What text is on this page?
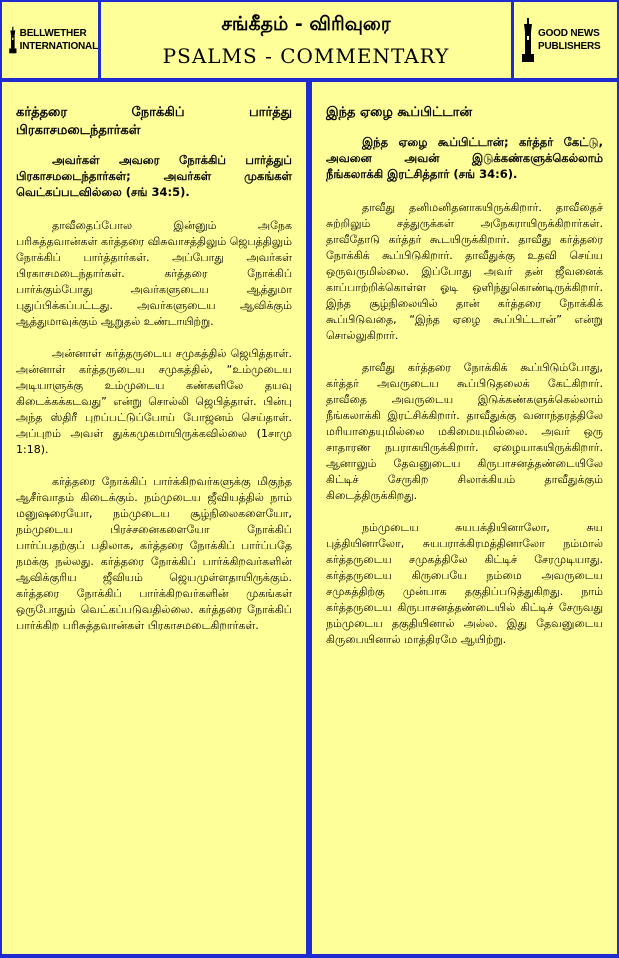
BELLWETHER
INTERNATIONAL
சங்கீதம் - விரிவுரை
PSALMS - COMMENTARY
GOOD NEWS
PUBLISHERS
கர்த்தரை நோக்கிப் பார்த்து பிரகாசமடைந்தார்கள்
அவர்கள் அவரை நோக்கிப் பார்த்துப் பிரகாசமடைந்தார்கள்; அவர்கள் முகங்கள் வெட்கப்படவில்லை (சங் 34:5).
தாவீதைப்போல இன்னும் அநேக பரிசுத்தவான்கள் கர்த்தரை விசுவாசத்திலும் ஜெபத்திலும் நோக்கிப் பார்த்தார்கள். அப்போது அவர்கள் பிரகாசமடைந்தார்கள். கர்த்தரை நோக்கிப் பார்க்கும்போது அவர்களுடைய ஆத்துமா புதுப்பிக்கப்பட்டது. அவர்களுடைய ஆவிக்கும் ஆத்துமாவுக்கும் ஆறுதல் உண்டாயிற்று.
அன்னாள் கர்த்தருடைய சமுகத்தில் ஜெபித்தாள். அன்னாள் கர்த்தருடைய சமுகத்தில், “உம்முடைய அடியாளுக்கு உம்முடைய கண்களிலே தயவு கிடைக்கக்கடவது” என்று சொல்லி ஜெபித்தாள். பின்பு அந்த ஸ்திரீ புறப்பட்டுப்போய் போஜனம் செய்தாள். அப்புறம் அவள் துக்கமுகமாயிருக்கவில்லை (1சாமு 1:18).
கர்த்தரை நோக்கிப் பார்க்கிறவர்களுக்கு மிகுந்த ஆசீர்வாதம் கிடைக்கும். நம்முடைய ஜீவியத்தில் நாம் மனுஷரையோ, நம்முடைய சூழ்நிலைகளையோ, நம்முடைய பிரச்சனைகளையோ நோக்கிப் பார்ப்பதற்குப் பதிலாக, கர்த்தரை நோக்கிப் பார்ப்பதே நமக்கு நல்லது. கர்த்தரை நோக்கிப் பார்க்கிறவர்களின் ஆவிக்குரிய ஜீவியம் ஜெயமுள்ளதாயிருக்கும். கர்த்தரை நோக்கிப் பார்க்கிறவர்களின் முகங்கள் ஒருபோதும் வெட்கப்படுவதில்லை. கர்த்தரை நோக்கிப் பார்க்கிற பரிசுத்தவான்கள் பிரகாசமடைகிறார்கள்.
இந்த ஏழை கூப்பிட்டான்
இந்த ஏழை கூப்பிட்டான்; கர்த்தர் கேட்டு, அவனை அவன் இடுக்கண்களுக்கெல்லாம் நீங்கலாக்கி இரட்சித்தார் (சங் 34:6).
தாவீது தனிமனிதனாகயிருக்கிறார். தாவீதைச் சுற்றிலும் சத்துருக்கள் அநேகராயிருக்கிறார்கள். தாவீதோடு கர்த்தர் கூடயிருக்கிறார். தாவீது கர்த்தரை நோக்கிக் கூப்பிடுகிறார். தாவீதுக்கு உதவி செய்ய ஒருவருமில்லை. இப்போது அவர் தன் ஜீவனைக் காப்பாற்றிக்கொள்ள ஓடி ஒளிந்துகொண்டிருக்கிறார். இந்த சூழ்நிலையில் தான் கர்த்தரை நோக்கிக் கூப்பிடுவதை, “இந்த ஏழை கூப்பிட்டான்” என்று சொல்லுகிறார்.
தாவீது கர்த்தரை நோக்கிக் கூப்பிடும்போது, கர்த்தர் அவருடைய கூப்பிடுதலைக் கேட்கிறார். தாவீதை அவருடைய இடுக்கண்களுக்கெல்லாம் நீங்கலாக்கி இரட்சிக்கிறார். தாவீதுக்கு வனாந்தரத்திலே மரியாதையுமில்லை மகிமையுமில்லை. அவர் ஒரு சாதாரண நபராகயிருக்கிறார். ஏழையாகயிருக்கிறார். ஆனாலும் தேவனுடைய கிருபாசனத்தண்டையிலே கிட்டிச் சேருகிற சிலாக்கியம் தாவீதுக்கும் கிடைத்திருக்கிறது.
நம்முடைய சுயபக்தியினாலோ, சுய புத்தியினாலோ, சுயபராக்கிரமத்தினாலோ நம்மால் கர்த்தருடைய சமுகத்திலே கிட்டிச் சேரமுடியாது. கர்த்தருடைய கிருபையே நம்மை அவருடைய சமுகத்திற்கு முன்பாக தகுதிப்படுத்துகிறது. நாம் கர்த்தருடைய கிருபாசனத்தண்டையில் கிட்டிச் சேருவது நம்முடைய தகுதியினால் அல்ல. இது தேவனுடைய கிருபையினால் மாத்திரமே ஆயிற்று.
